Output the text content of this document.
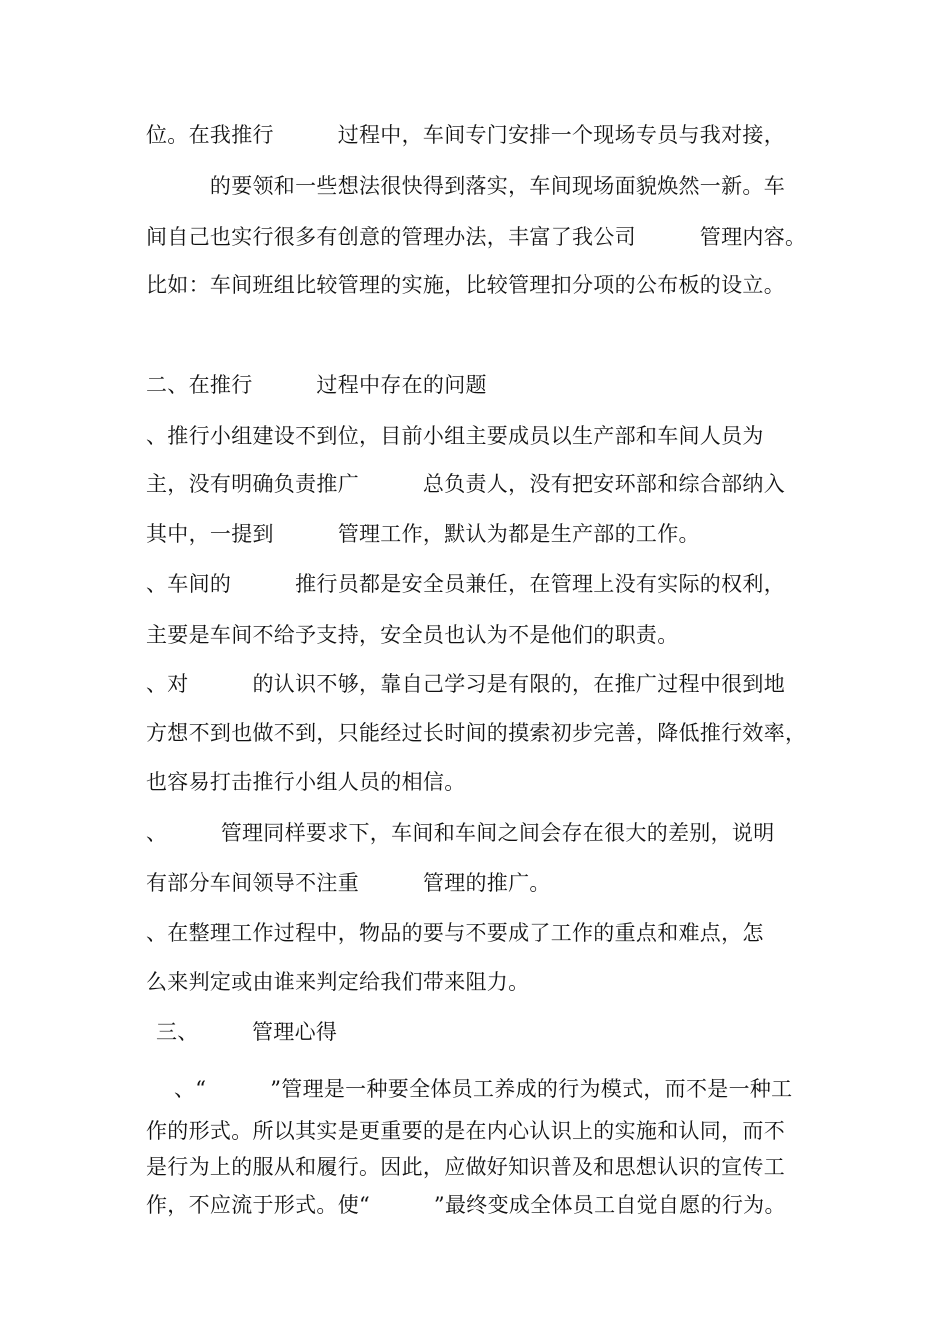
位。在我推行　　　过程中，车间专门安排一个现场专员与我对接，
　　　的要领和一些想法很快得到落实，车间现场面貌焕然一新。车
间自己也实行很多有创意的管理办法，丰富了我公司　　　管理内容。
比如：车间班组比较管理的实施，比较管理扣分项的公布板的设立。
二、在推行　　　过程中存在的问题
、推行小组建设不到位，目前小组主要成员以生产部和车间人员为
主，没有明确负责推广　　　总负责人，没有把安环部和综合部纳入
其中，一提到　　　管理工作，默认为都是生产部的工作。
、车间的　　　推行员都是安全员兼任，在管理上没有实际的权利，
主要是车间不给予支持，安全员也认为不是他们的职责。
、对　　　的认识不够，靠自己学习是有限的，在推广过程中很到地
方想不到也做不到，只能经过长时间的摸索初步完善，降低推行效率，
也容易打击推行小组人员的相信。
、　　　管理同样要求下，车间和车间之间会存在很大的差别，说明
有部分车间领导不注重　　　管理的推广。
、在整理工作过程中，物品的要与不要成了工作的重点和难点，怎
么来判定或由谁来判定给我们带来阻力。
三、　　　管理心得
、“　　　”管理是一种要全体员工养成的行为模式，而不是一种工
作的形式。所以其实是更重要的是在内心认识上的实施和认同，而不
是行为上的服从和履行。因此，应做好知识普及和思想认识的宣传工
作，不应流于形式。使“　　　”最终变成全体员工自觉自愿的行为。
